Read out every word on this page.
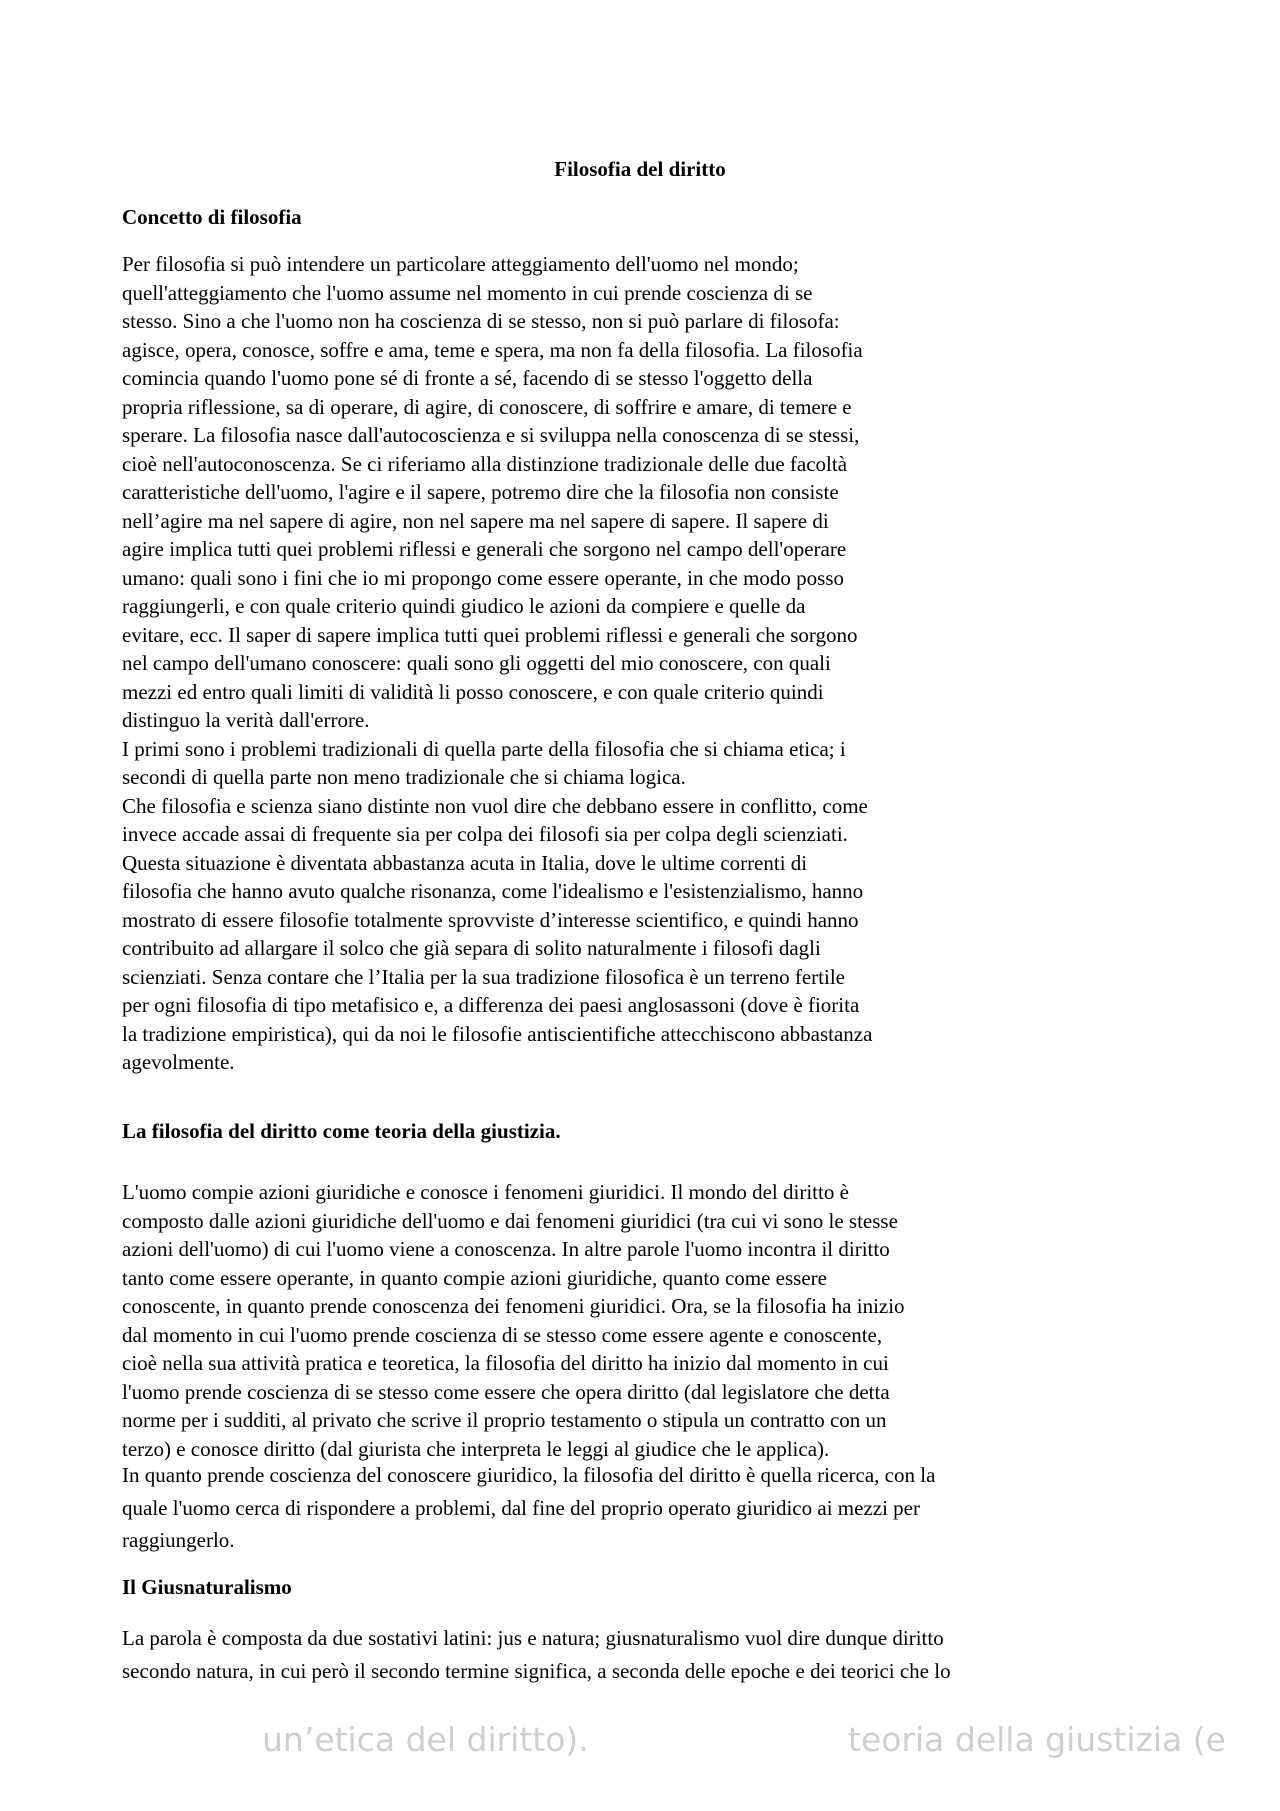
Filosofia del diritto
Concetto di filosofia
Per filosofia si può intendere un particolare atteggiamento dell'uomo nel mondo;
quell'atteggiamento che l'uomo assume nel momento in cui prende coscienza di se
stesso. Sino a che l'uomo non ha coscienza di se stesso, non si può parlare di filosofa:
agisce, opera, conosce, soffre e ama, teme e spera, ma non fa della filosofia. La filosofia
comincia quando l'uomo pone sé di fronte a sé, facendo di se stesso l'oggetto della
propria riflessione, sa di operare, di agire, di conoscere, di soffrire e amare, di temere e
sperare. La filosofia nasce dall'autocoscienza e si sviluppa nella conoscenza di se stessi,
cioè nell'autoconoscenza. Se ci riferiamo alla distinzione tradizionale delle due facoltà
caratteristiche dell'uomo, l'agire e il sapere, potremo dire che la filosofia non consiste
nell’agire ma nel sapere di agire, non nel sapere ma nel sapere di sapere. Il sapere di
agire implica tutti quei problemi riflessi e generali che sorgono nel campo dell'operare
umano: quali sono i fini che io mi propongo come essere operante, in che modo posso
raggiungerli, e con quale criterio quindi giudico le azioni da compiere e quelle da
evitare, ecc. Il saper di sapere implica tutti quei problemi riflessi e generali che sorgono
nel campo dell'umano conoscere: quali sono gli oggetti del mio conoscere, con quali
mezzi ed entro quali limiti di validità li posso conoscere, e con quale criterio quindi
distinguo la verità dall'errore.
I primi sono i problemi tradizionali di quella parte della filosofia che si chiama etica; i
secondi di quella parte non meno tradizionale che si chiama logica.
Che filosofia e scienza siano distinte non vuol dire che debbano essere in conflitto, come
invece accade assai di frequente sia per colpa dei filosofi sia per colpa degli scienziati.
Questa situazione è diventata abbastanza acuta in Italia, dove le ultime correnti di
filosofia che hanno avuto qualche risonanza, come l'idealismo e l'esistenzialismo, hanno
mostrato di essere filosofie totalmente sprovviste d’interesse scientifico, e quindi hanno
contribuito ad allargare il solco che già separa di solito naturalmente i filosofi dagli
scienziati. Senza contare che l’Italia per la sua tradizione filosofica è un terreno fertile
per ogni filosofia di tipo metafisico e, a differenza dei paesi anglosassoni (dove è fiorita
la tradizione empiristica), qui da noi le filosofie antiscientifiche attecchiscono abbastanza
agevolmente.
La filosofia del diritto come teoria della giustizia.
L'uomo compie azioni giuridiche e conosce i fenomeni giuridici. Il mondo del diritto è
composto dalle azioni giuridiche dell'uomo e dai fenomeni giuridici (tra cui vi sono le stesse
azioni dell'uomo) di cui l'uomo viene a conoscenza. In altre parole l'uomo incontra il diritto
tanto come essere operante, in quanto compie azioni giuridiche, quanto come essere
conoscente, in quanto prende conoscenza dei fenomeni giuridici. Ora, se la filosofia ha inizio
dal momento in cui l'uomo prende coscienza di se stesso come essere agente e conoscente,
cioè nella sua attività pratica e teoretica, la filosofia del diritto ha inizio dal momento in cui
l'uomo prende coscienza di se stesso come essere che opera diritto (dal legislatore che detta
norme per i sudditi, al privato che scrive il proprio testamento o stipula un contratto con un
terzo) e conosce diritto (dal giurista che interpreta le leggi al giudice che le applica).
In quanto prende coscienza del conoscere giuridico, la filosofia del diritto è quella ricerca, con la
quale l'uomo cerca di rispondere a problemi, dal fine del proprio operato giuridico ai mezzi per
raggiungerlo.
Il Giusnaturalismo
La parola è composta da due sostativi latini: jus e natura; giusnaturalismo vuol dire dunque diritto
secondo natura, in cui però il secondo termine significa, a seconda delle epoche e dei teorici che lo
un’etica del diritto).	teoria della giustizia (e
